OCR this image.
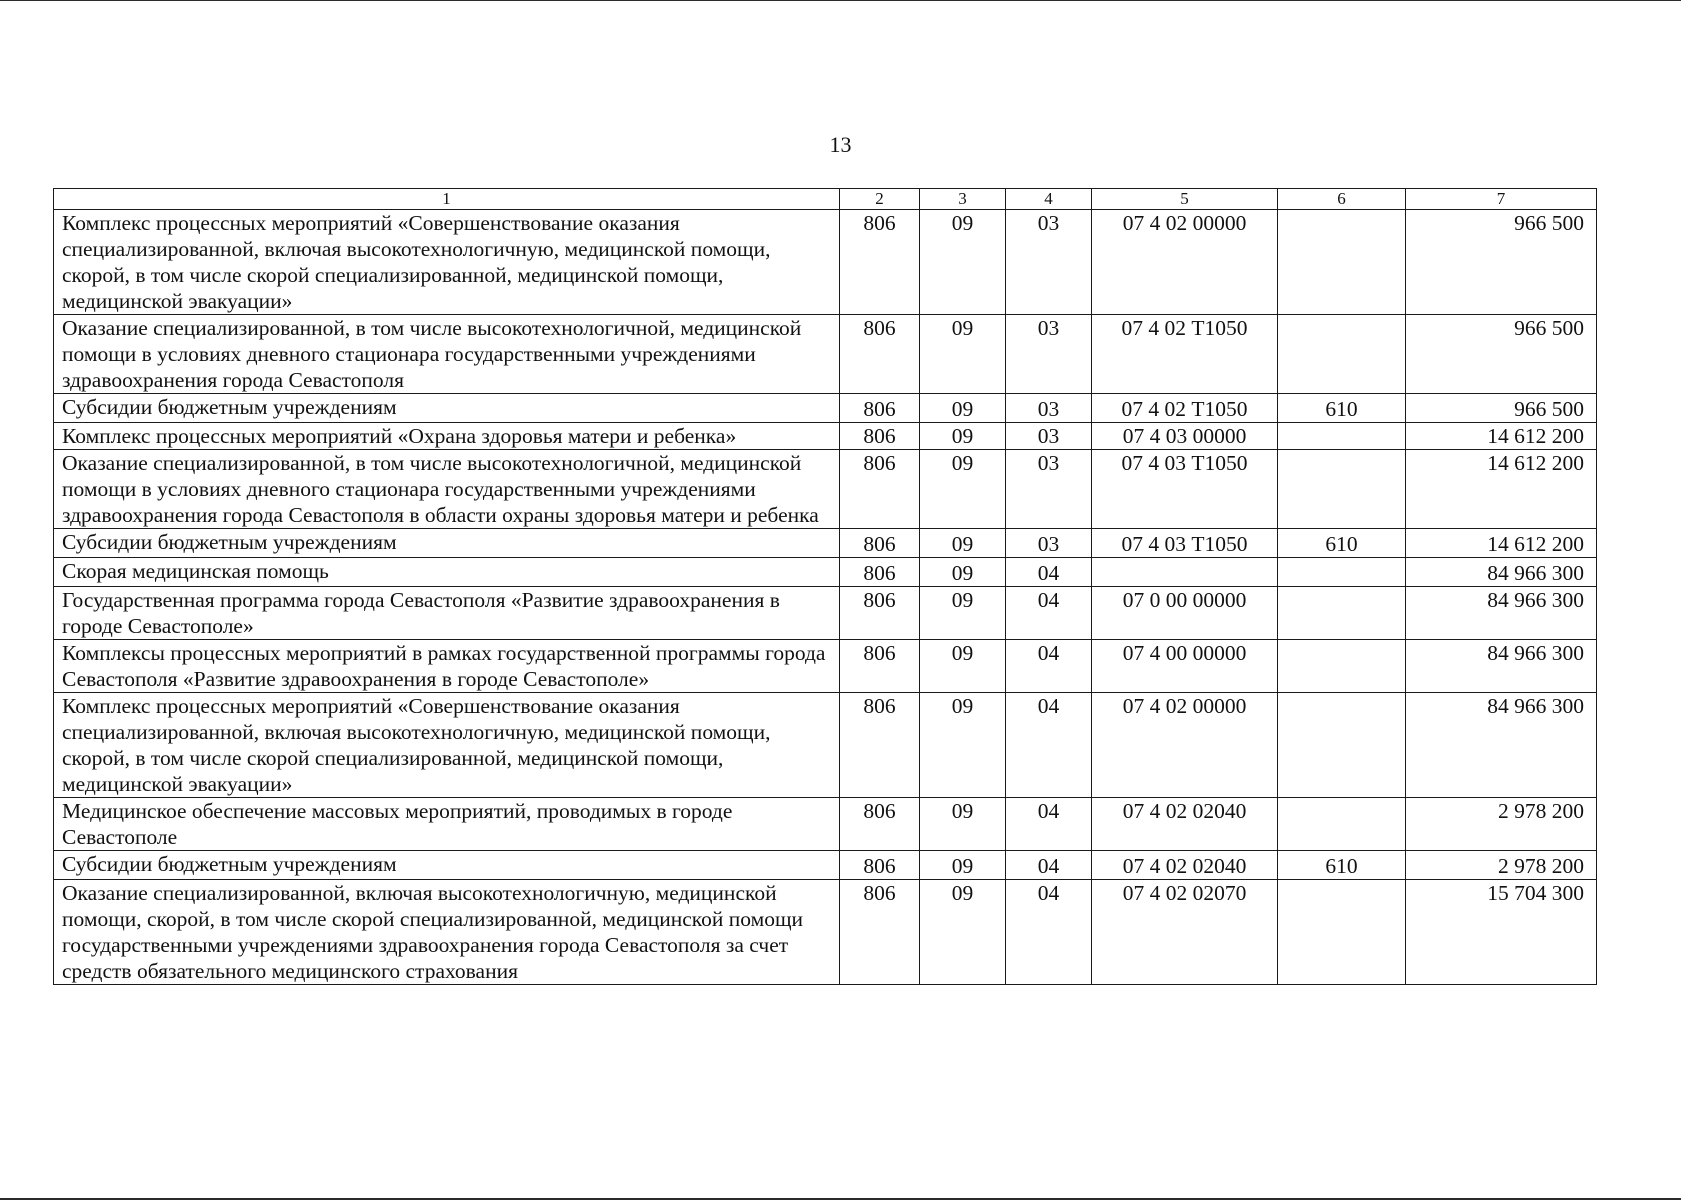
13
1	2	3	4	5	6	7
Комплекс процессных мероприятий «Совершенствование оказания специализированной, включая высокотехнологичную, медицинской помощи, скорой, в том числе скорой специализированной, медицинской помощи, медицинской эвакуации»	806	09	03	07 4 02 00000		966 500
Оказание специализированной, в том числе высокотехнологичной, медицинской помощи в условиях дневного стационара государственными учреждениями здравоохранения города Севастополя	806	09	03	07 4 02 Т1050		966 500
Субсидии бюджетным учреждениям	806	09	03	07 4 02 Т1050	610	966 500
Комплекс процессных мероприятий «Охрана здоровья матери и ребенка»	806	09	03	07 4 03 00000		14 612 200
Оказание специализированной, в том числе высокотехнологичной, медицинской помощи в условиях дневного стационара государственными учреждениями здравоохранения города Севастополя в области охраны здоровья матери и ребенка	806	09	03	07 4 03 Т1050		14 612 200
Субсидии бюджетным учреждениям	806	09	03	07 4 03 Т1050	610	14 612 200
Скорая медицинская помощь	806	09	04			84 966 300
Государственная программа города Севастополя «Развитие здравоохранения в городе Севастополе»	806	09	04	07 0 00 00000		84 966 300
Комплексы процессных мероприятий в рамках государственной программы города Севастополя «Развитие здравоохранения в городе Севастополе»	806	09	04	07 4 00 00000		84 966 300
Комплекс процессных мероприятий «Совершенствование оказания специализированной, включая высокотехнологичную, медицинской помощи, скорой, в том числе скорой специализированной, медицинской помощи, медицинской эвакуации»	806	09	04	07 4 02 00000		84 966 300
Медицинское обеспечение массовых мероприятий, проводимых в городе Севастополе	806	09	04	07 4 02 02040		2 978 200
Субсидии бюджетным учреждениям	806	09	04	07 4 02 02040	610	2 978 200
Оказание специализированной, включая высокотехнологичную, медицинской помощи, скорой, в том числе скорой специализированной, медицинской помощи государственными учреждениями здравоохранения города Севастополя за счет средств обязательного медицинского страхования	806	09	04	07 4 02 02070		15 704 300
